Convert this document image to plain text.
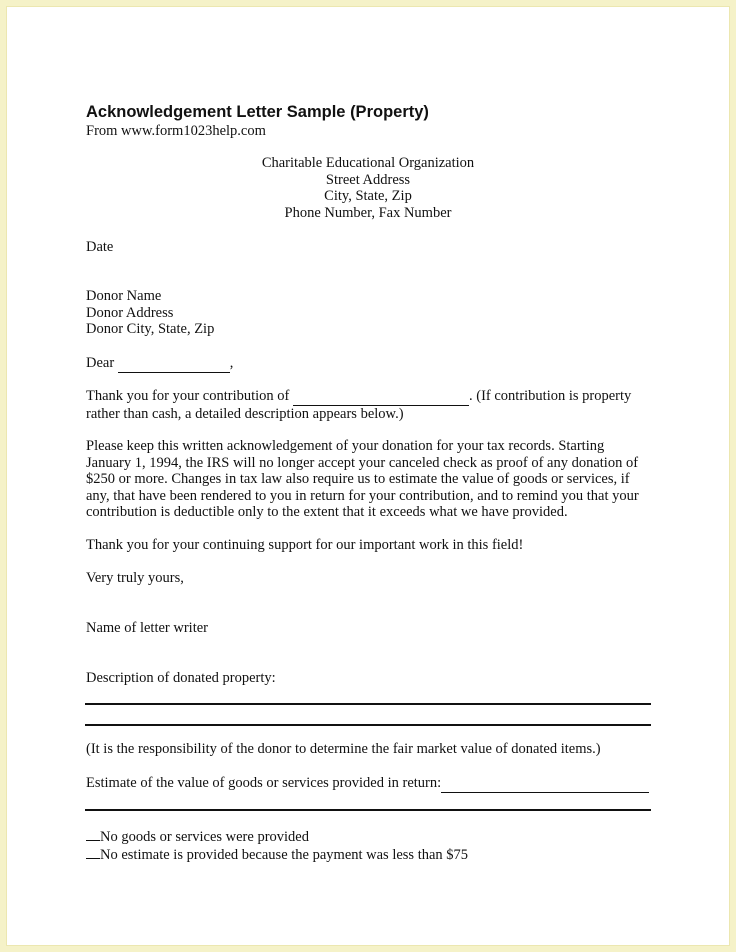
Acknowledgement Letter Sample (Property)
From www.form1023help.com
Charitable Educational Organization
Street Address
City, State, Zip
Phone Number, Fax Number
Date
Donor Name
Donor Address
Donor City, State, Zip
Dear	,
Thank you for your contribution of	. (If contribution is property
rather than cash, a detailed description appears below.)
Please keep this written acknowledgement of your donation for your tax records. Starting
January 1, 1994, the IRS will no longer accept your canceled check as proof of any donation of
$250 or more. Changes in tax law also require us to estimate the value of goods or services, if
any, that have been rendered to you in return for your contribution, and to remind you that your
contribution is deductible only to the extent that it exceeds what we have provided.
Thank you for your continuing support for our important work in this field!
Very truly yours,
Name of letter writer
Description of donated property:
(It is the responsibility of the donor to determine the fair market value of donated items.)
Estimate of the value of goods or services provided in return:
No goods or services were provided
No estimate is provided because the payment was less than $75
